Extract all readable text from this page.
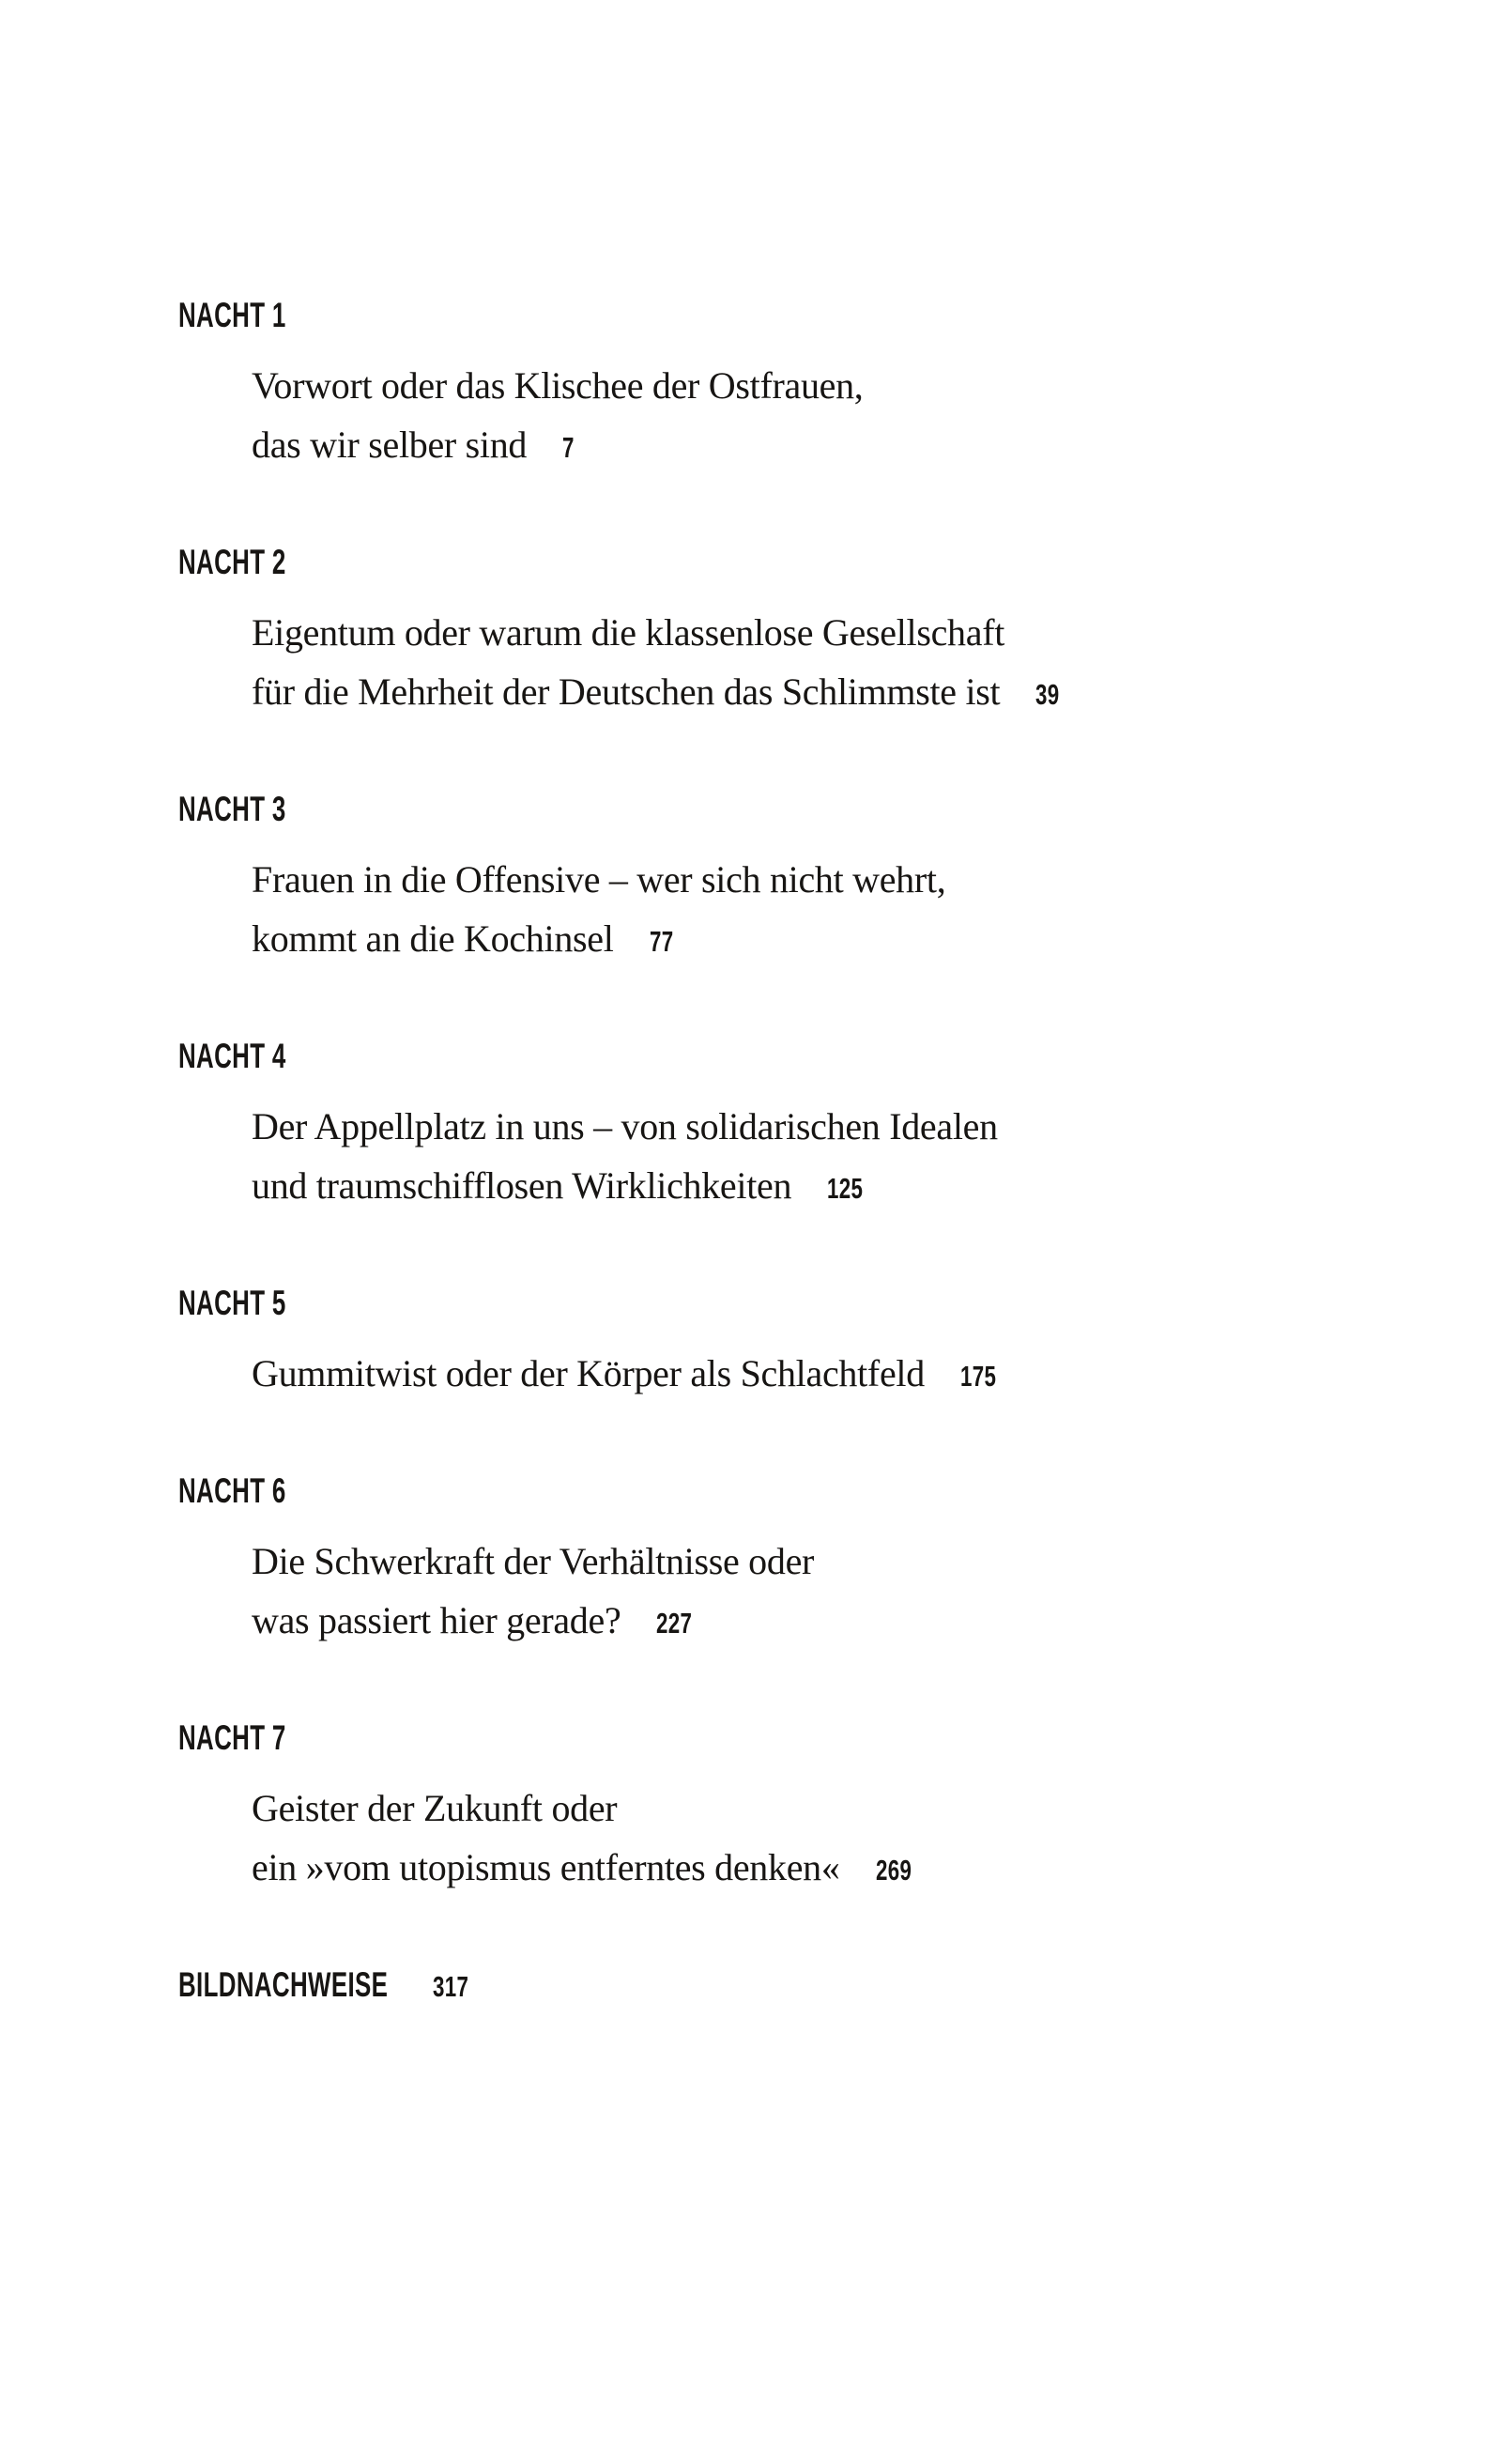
NACHT 1

Vorwort oder das Klischee der Ostfrauen,

das wir selber sind 7

NACHT 2

Eigentum oder warum die klassenlose Gesellschaft

für die Mehrheit der Deutschen das Schlimmste ist 39

NACHT 3

Frauen in die Offensive – wer sich nicht wehrt,

kommt an die Kochinsel 77

NACHT 4

Der Appellplatz in uns – von solidarischen Idealen

und traumschifflosen Wirklichkeiten 125

NACHT 5

Gummitwist oder der Körper als Schlachtfeld 175

NACHT 6

Die Schwerkraft der Verhältnisse oder

was passiert hier gerade? 227

NACHT 7

Geister der Zukunft oder

ein »vom utopismus entferntes denken« 269

BILDNACHWEISE 317
